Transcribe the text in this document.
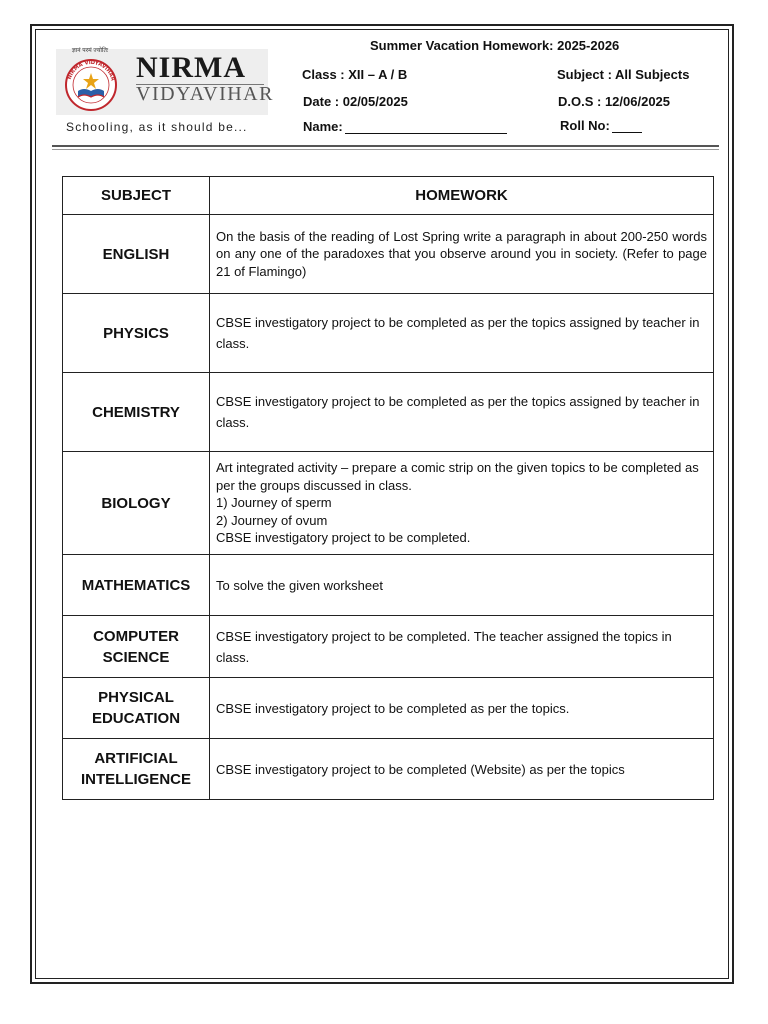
ज्ञानं परमं ज्योतिः
NIRMA VIDYAVIHAR NIRMA
VIDYAVIHAR
Schooling, as it should be...
Summer Vacation Homework: 2025-2026
Class : XII – A / B	Subject : All Subjects
Date : 02/05/2025	D.O.S : 12/06/2025
Name:	Roll No:
SUBJECT	HOMEWORK
ENGLISH	On the basis of the reading of Lost Spring write a paragraph in about 200-250 words on any one of the paradoxes that you observe around you in society. (Refer to page 21 of Flamingo)
PHYSICS	CBSE investigatory project to be completed as per the topics assigned by teacher in class.
CHEMISTRY	CBSE investigatory project to be completed as per the topics assigned by teacher in class.
BIOLOGY	Art integrated activity – prepare a comic strip on the given topics to be completed as per the groups discussed in class.
1) Journey of sperm
2) Journey of ovum
CBSE investigatory project to be completed.

MATHEMATICS	To solve the given worksheet

COMPUTER
SCIENCE	CBSE investigatory project to be completed. The teacher assigned the topics in class.

PHYSICAL
EDUCATION	CBSE investigatory project to be completed as per the topics.

ARTIFICIAL
INTELLIGENCE	CBSE investigatory project to be completed (Website) as per the topics
